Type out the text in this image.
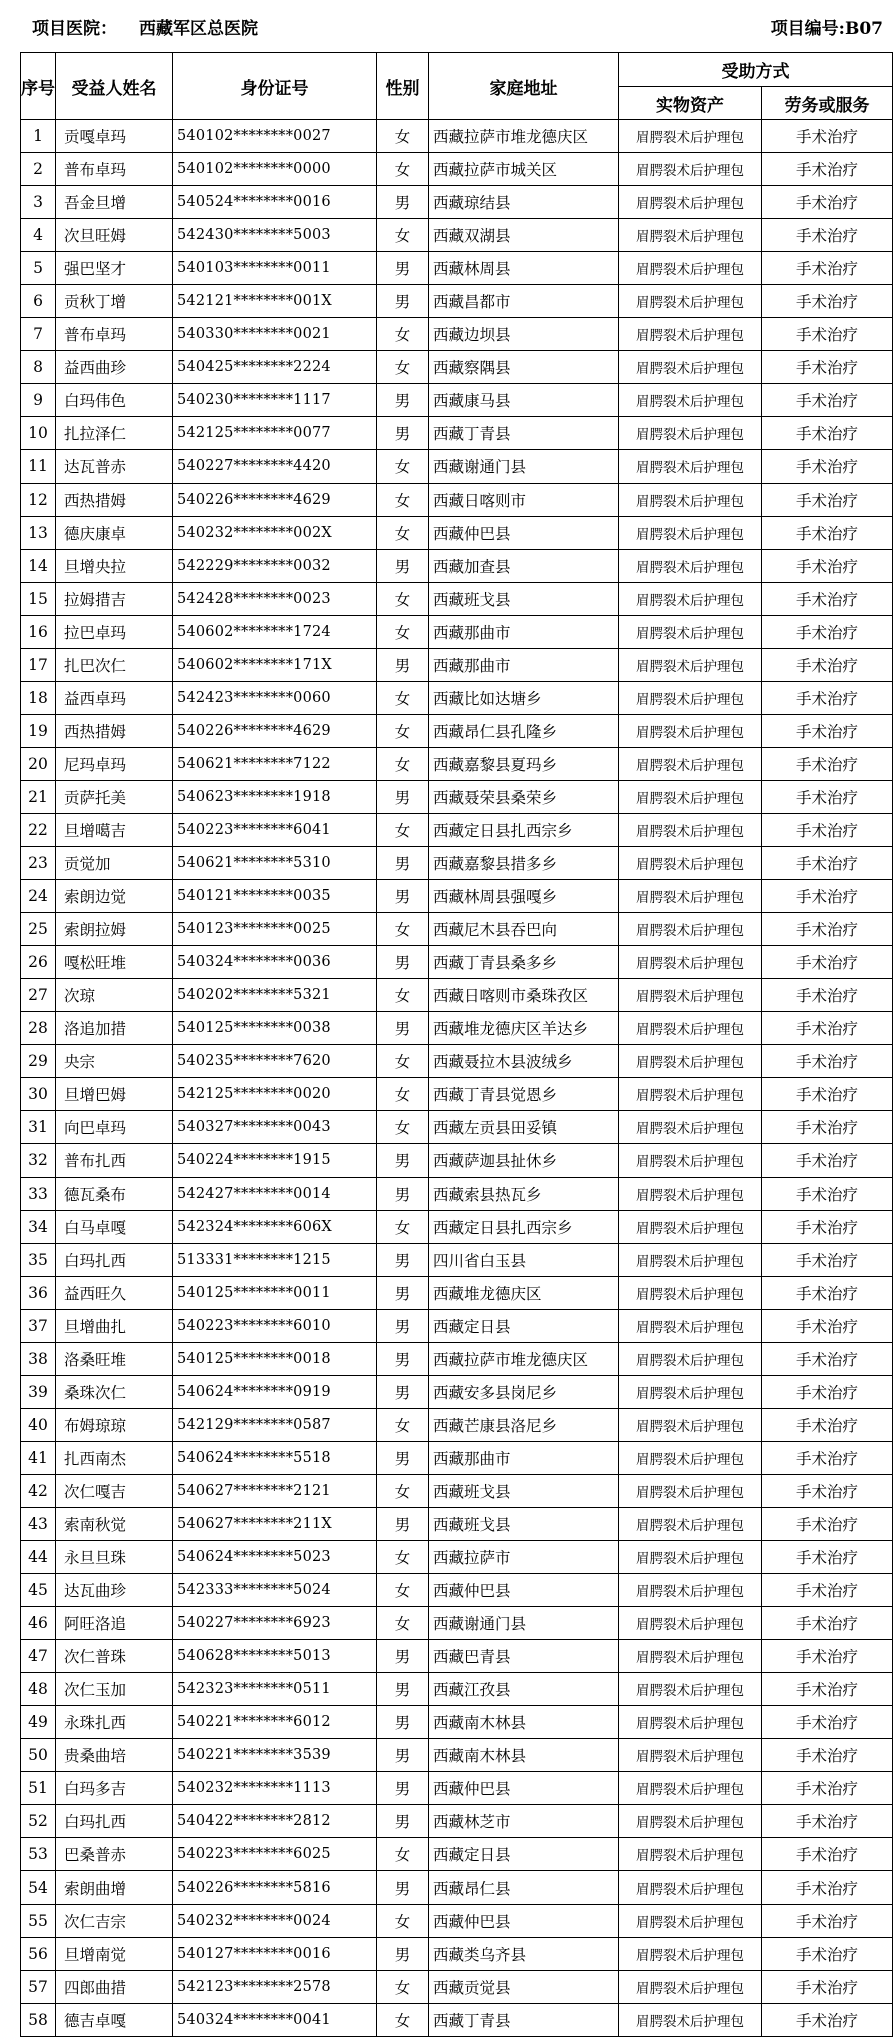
项目医院： 西藏军区总医院	项目编号:B07
序号	受益人姓名	身份证号	性别	家庭地址	受助方式	
					实物资产	劳务或服务
1	贡嘎卓玛	540102********0027	女	西藏拉萨市堆龙德庆区	眉腭裂术后护理包	手术治疗
2	普布卓玛	540102********0000	女	西藏拉萨市城关区	眉腭裂术后护理包	手术治疗
3	吾金旦增	540524********0016	男	西藏琼结县	眉腭裂术后护理包	手术治疗
4	次旦旺姆	542430********5003	女	西藏双湖县	眉腭裂术后护理包	手术治疗
5	强巴坚才	540103********0011	男	西藏林周县	眉腭裂术后护理包	手术治疗
6	贡秋丁增	542121********001X	男	西藏昌都市	眉腭裂术后护理包	手术治疗
7	普布卓玛	540330********0021	女	西藏边坝县	眉腭裂术后护理包	手术治疗
8	益西曲珍	540425********2224	女	西藏察隅县	眉腭裂术后护理包	手术治疗
9	白玛伟色	540230********1117	男	西藏康马县	眉腭裂术后护理包	手术治疗
10	扎拉泽仁	542125********0077	男	西藏丁青县	眉腭裂术后护理包	手术治疗
11	达瓦普赤	540227********4420	女	西藏谢通门县	眉腭裂术后护理包	手术治疗
12	西热措姆	540226********4629	女	西藏日喀则市	眉腭裂术后护理包	手术治疗
13	德庆康卓	540232********002X	女	西藏仲巴县	眉腭裂术后护理包	手术治疗
14	旦增央拉	542229********0032	男	西藏加查县	眉腭裂术后护理包	手术治疗
15	拉姆措吉	542428********0023	女	西藏班戈县	眉腭裂术后护理包	手术治疗
16	拉巴卓玛	540602********1724	女	西藏那曲市	眉腭裂术后护理包	手术治疗
17	扎巴次仁	540602********171X	男	西藏那曲市	眉腭裂术后护理包	手术治疗
18	益西卓玛	542423********0060	女	西藏比如达塘乡	眉腭裂术后护理包	手术治疗
19	西热措姆	540226********4629	女	西藏昂仁县孔隆乡	眉腭裂术后护理包	手术治疗
20	尼玛卓玛	540621********7122	女	西藏嘉黎县夏玛乡	眉腭裂术后护理包	手术治疗
21	贡萨托美	540623********1918	男	西藏聂荣县桑荣乡	眉腭裂术后护理包	手术治疗
22	旦增噶吉	540223********6041	女	西藏定日县扎西宗乡	眉腭裂术后护理包	手术治疗
23	贡觉加	540621********5310	男	西藏嘉黎县措多乡	眉腭裂术后护理包	手术治疗
24	索朗边觉	540121********0035	男	西藏林周县强嘎乡	眉腭裂术后护理包	手术治疗
25	索朗拉姆	540123********0025	女	西藏尼木县吞巴向	眉腭裂术后护理包	手术治疗
26	嘎松旺堆	540324********0036	男	西藏丁青县桑多乡	眉腭裂术后护理包	手术治疗
27	次琼	540202********5321	女	西藏日喀则市桑珠孜区	眉腭裂术后护理包	手术治疗
28	洛追加措	540125********0038	男	西藏堆龙德庆区羊达乡	眉腭裂术后护理包	手术治疗
29	央宗	540235********7620	女	西藏聂拉木县波绒乡	眉腭裂术后护理包	手术治疗
30	旦增巴姆	542125********0020	女	西藏丁青县觉恩乡	眉腭裂术后护理包	手术治疗
31	向巴卓玛	540327********0043	女	西藏左贡县田妥镇	眉腭裂术后护理包	手术治疗
32	普布扎西	540224********1915	男	西藏萨迦县扯休乡	眉腭裂术后护理包	手术治疗
33	德瓦桑布	542427********0014	男	西藏索县热瓦乡	眉腭裂术后护理包	手术治疗
34	白马卓嘎	542324********606X	女	西藏定日县扎西宗乡	眉腭裂术后护理包	手术治疗
35	白玛扎西	513331********1215	男	四川省白玉县	眉腭裂术后护理包	手术治疗
36	益西旺久	540125********0011	男	西藏堆龙德庆区	眉腭裂术后护理包	手术治疗
37	旦增曲扎	540223********6010	男	西藏定日县	眉腭裂术后护理包	手术治疗
38	洛桑旺堆	540125********0018	男	西藏拉萨市堆龙德庆区	眉腭裂术后护理包	手术治疗
39	桑珠次仁	540624********0919	男	西藏安多县岗尼乡	眉腭裂术后护理包	手术治疗
40	布姆琼琼	542129********0587	女	西藏芒康县洛尼乡	眉腭裂术后护理包	手术治疗
41	扎西南杰	540624********5518	男	西藏那曲市	眉腭裂术后护理包	手术治疗
42	次仁嘎吉	540627********2121	女	西藏班戈县	眉腭裂术后护理包	手术治疗
43	索南秋觉	540627********211X	男	西藏班戈县	眉腭裂术后护理包	手术治疗
44	永旦旦珠	540624********5023	女	西藏拉萨市	眉腭裂术后护理包	手术治疗
45	达瓦曲珍	542333********5024	女	西藏仲巴县	眉腭裂术后护理包	手术治疗
46	阿旺洛追	540227********6923	女	西藏谢通门县	眉腭裂术后护理包	手术治疗
47	次仁普珠	540628********5013	男	西藏巴青县	眉腭裂术后护理包	手术治疗
48	次仁玉加	542323********0511	男	西藏江孜县	眉腭裂术后护理包	手术治疗
49	永珠扎西	540221********6012	男	西藏南木林县	眉腭裂术后护理包	手术治疗
50	贵桑曲培	540221********3539	男	西藏南木林县	眉腭裂术后护理包	手术治疗
51	白玛多吉	540232********1113	男	西藏仲巴县	眉腭裂术后护理包	手术治疗
52	白玛扎西	540422********2812	男	西藏林芝市	眉腭裂术后护理包	手术治疗
53	巴桑普赤	540223********6025	女	西藏定日县	眉腭裂术后护理包	手术治疗
54	索朗曲增	540226********5816	男	西藏昂仁县	眉腭裂术后护理包	手术治疗
55	次仁吉宗	540232********0024	女	西藏仲巴县	眉腭裂术后护理包	手术治疗
56	旦增南觉	540127********0016	男	西藏类乌齐县	眉腭裂术后护理包	手术治疗
57	四郎曲措	542123********2578	女	西藏贡觉县	眉腭裂术后护理包	手术治疗
58	德吉卓嘎	540324********0041	女	西藏丁青县	眉腭裂术后护理包	手术治疗
